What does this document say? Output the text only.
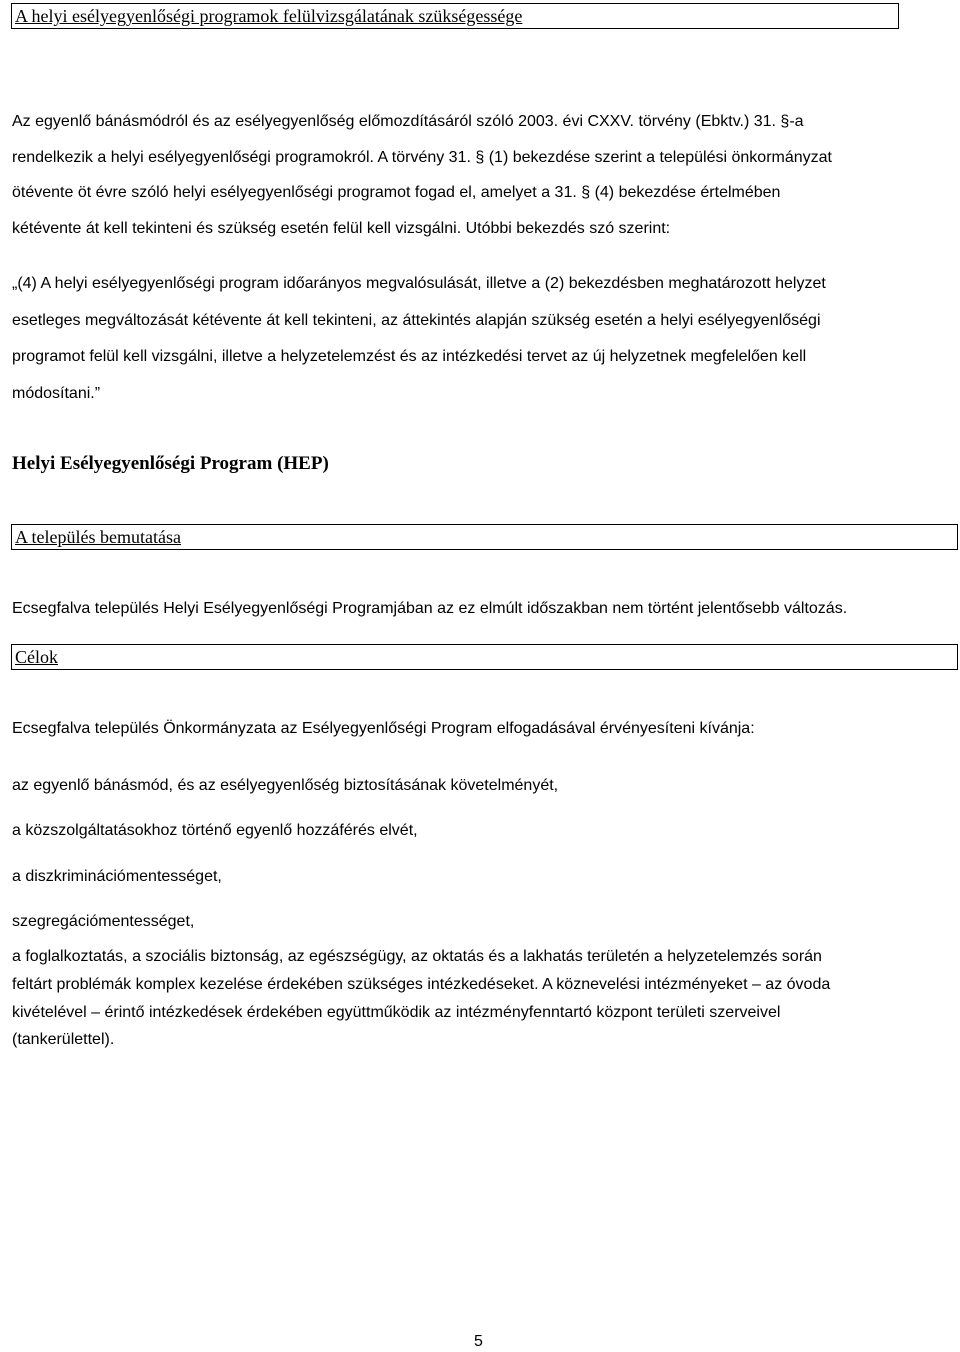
A helyi esélyegyenlőségi programok felülvizsgálatának szükségessége
Az egyenlő bánásmódról és az esélyegyenlőség előmozdításáról szóló 2003. évi CXXV. törvény (Ebktv.) 31. §-a
rendelkezik a helyi esélyegyenlőségi programokról. A törvény 31. § (1) bekezdése szerint a települési önkormányzat
ötévente öt évre szóló helyi esélyegyenlőségi programot fogad el, amelyet a 31. § (4) bekezdése értelmében
kétévente át kell tekinteni és szükség esetén felül kell vizsgálni. Utóbbi bekezdés szó szerint:
„(4) A helyi esélyegyenlőségi program időarányos megvalósulását, illetve a (2) bekezdésben meghatározott helyzet
esetleges megváltozását kétévente át kell tekinteni, az áttekintés alapján szükség esetén a helyi esélyegyenlőségi
programot felül kell vizsgálni, illetve a helyzetelemzést és az intézkedési tervet az új helyzetnek megfelelően kell
módosítani.”
Helyi Esélyegyenlőségi Program (HEP)
A település bemutatása
Ecsegfalva település Helyi Esélyegyenlőségi Programjában az ez elmúlt időszakban nem történt jelentősebb változás.
Célok
Ecsegfalva település Önkormányzata az Esélyegyenlőségi Program elfogadásával érvényesíteni kívánja:
az egyenlő bánásmód, és az esélyegyenlőség biztosításának követelményét,
a közszolgáltatásokhoz történő egyenlő hozzáférés elvét,
a diszkriminációmentességet,
szegregációmentességet,
a foglalkoztatás, a szociális biztonság, az egészségügy, az oktatás és a lakhatás területén a helyzetelemzés során
feltárt problémák komplex kezelése érdekében szükséges intézkedéseket. A köznevelési intézményeket – az óvoda
kivételével – érintő intézkedések érdekében együttműködik az intézményfenntartó központ területi szerveivel
(tankerülettel).
5
